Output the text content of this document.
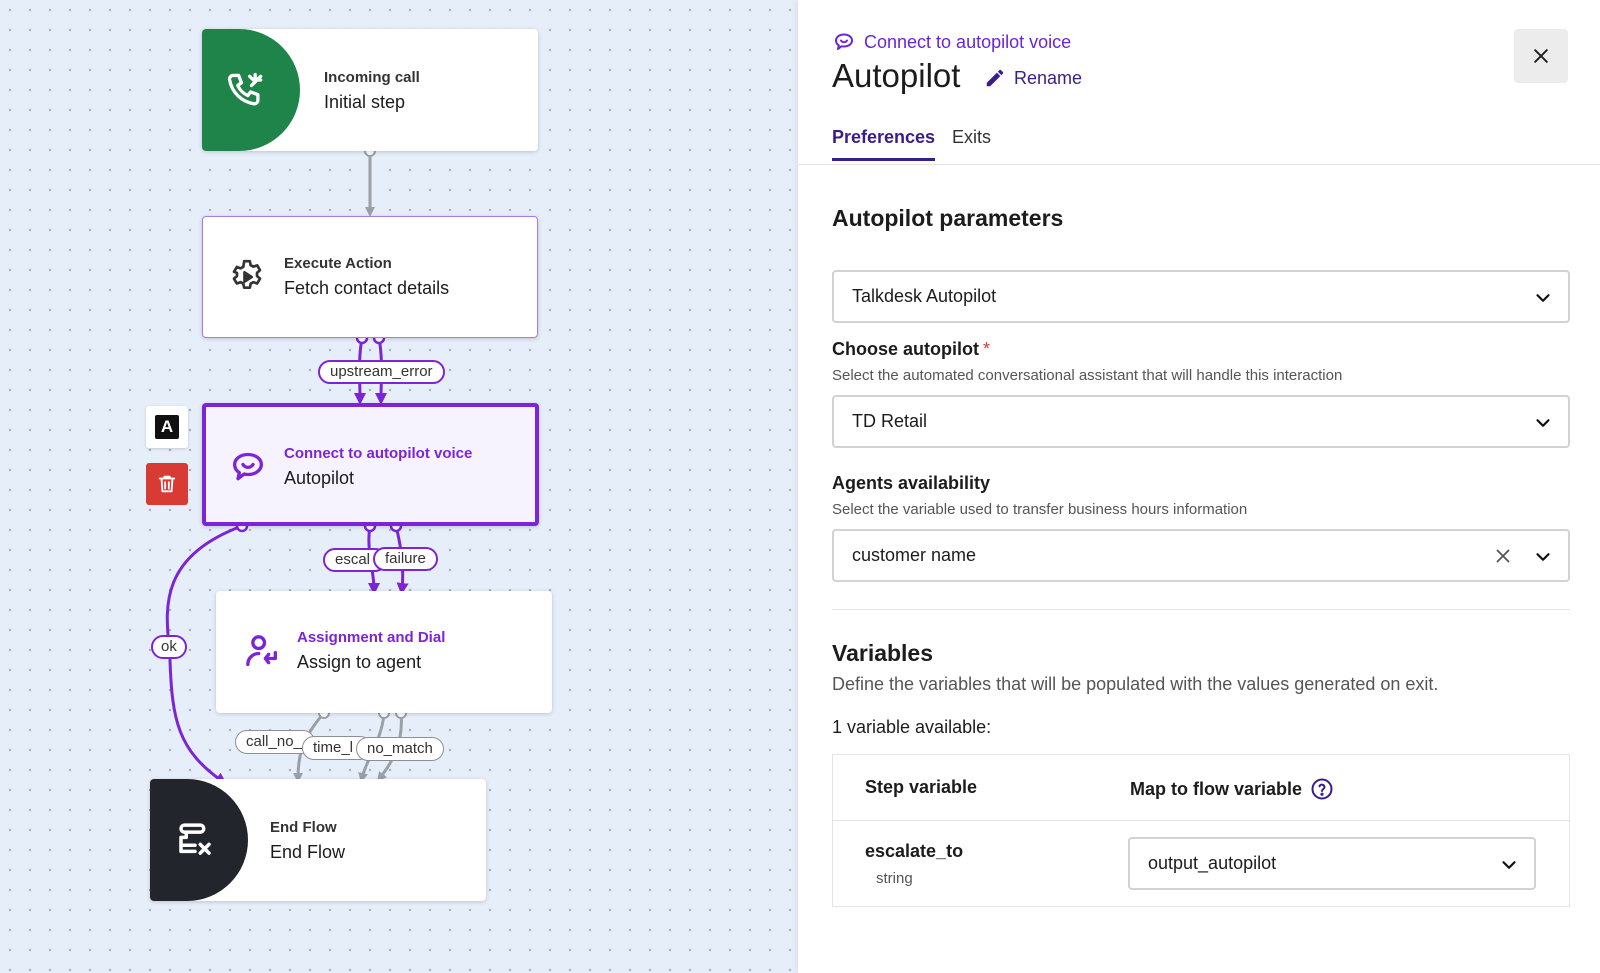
Incoming call
Initial step
Execute Action
Fetch contact details
Connect to autopilot voice
Autopilot
Assignment and Dial
Assign to agent
End Flow
End Flow
upstream_error
escal failure
ok
call_no_ time_l no_match
A
Connect to autopilot voice
Autopilot	Rename
Preferences Exits
Autopilot parameters
Talkdesk Autopilot
Choose autopilot *
Select the automated conversational assistant that will handle this interaction
TD Retail
Agents availability
Select the variable used to transfer business hours information
customer name
Variables
Define the variables that will be populated with the values generated on exit.
1 variable available:
Step variable	Map to flow variable
escalate_to
string
output_autopilot
